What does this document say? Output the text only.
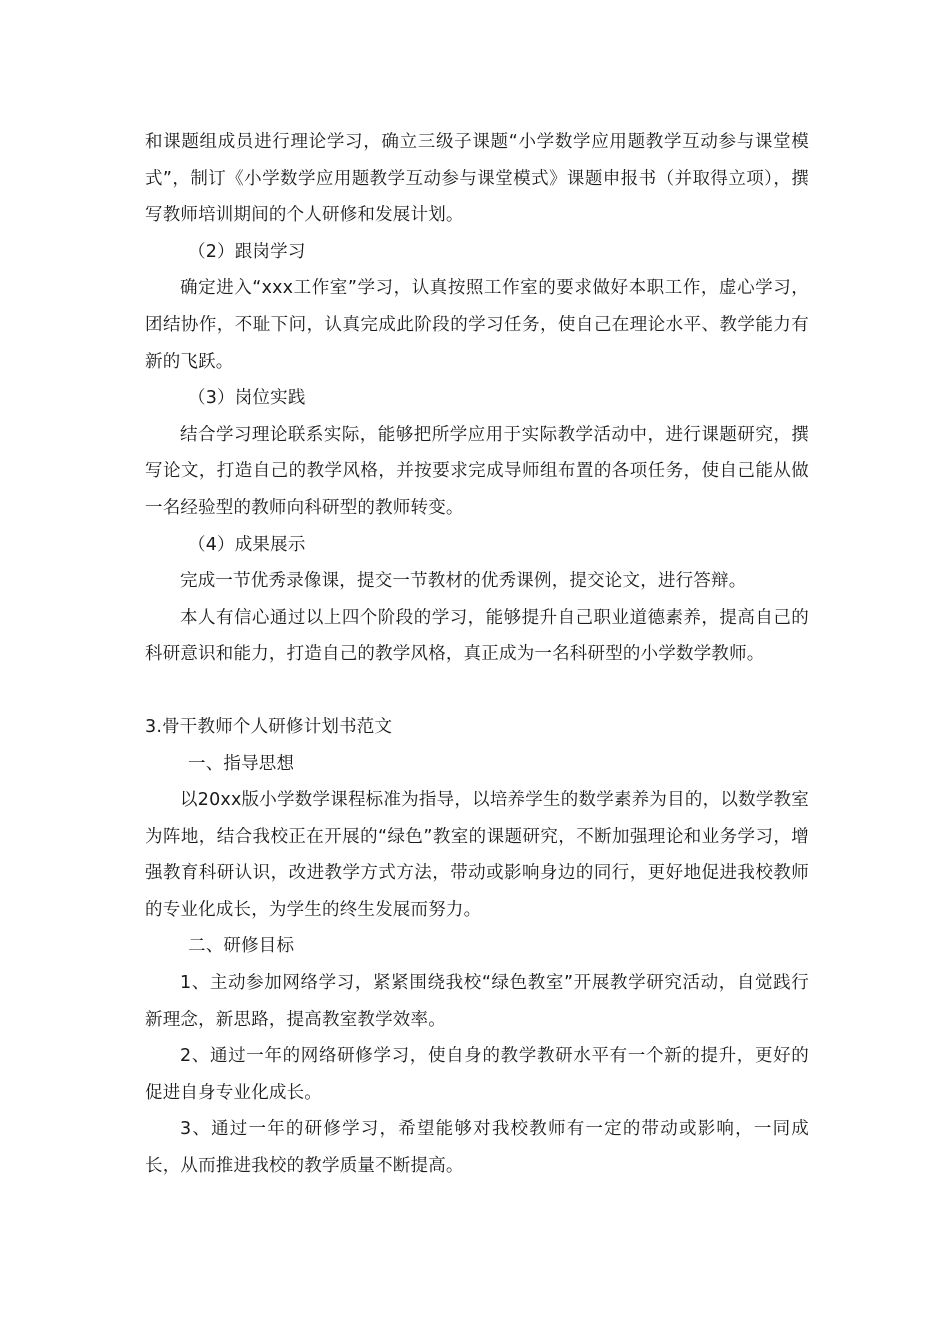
和课题组成员进行理论学习，确立三级子课题“小学数学应用题教学互动参与课堂模式”，制订《小学数学应用题教学互动参与课堂模式》课题申报书（并取得立项），撰写教师培训期间的个人研修和发展计划。

（2）跟岗学习

确定进入“xxx工作室”学习，认真按照工作室的要求做好本职工作，虚心学习，团结协作，不耻下问，认真完成此阶段的学习任务，使自己在理论水平、教学能力有新的飞跃。

（3）岗位实践

结合学习理论联系实际，能够把所学应用于实际教学活动中，进行课题研究，撰写论文，打造自己的教学风格，并按要求完成导师组布置的各项任务，使自己能从做一名经验型的教师向科研型的教师转变。

（4）成果展示

完成一节优秀录像课，提交一节教材的优秀课例，提交论文，进行答辩。

本人有信心通过以上四个阶段的学习，能够提升自己职业道德素养，提高自己的科研意识和能力，打造自己的教学风格，真正成为一名科研型的小学数学教师。

3.骨干教师个人研修计划书范文

一、指导思想

以20xx版小学数学课程标准为指导，以培养学生的数学素养为目的，以数学教室为阵地，结合我校正在开展的“绿色”教室的课题研究，不断加强理论和业务学习，增强教育科研认识，改进教学方式方法，带动或影响身边的同行，更好地促进我校教师的专业化成长，为学生的终生发展而努力。

二、研修目标

1、主动参加网络学习，紧紧围绕我校“绿色教室”开展教学研究活动，自觉践行新理念，新思路，提高教室教学效率。

2、通过一年的网络研修学习，使自身的教学教研水平有一个新的提升，更好的促进自身专业化成长。

3、通过一年的研修学习，希望能够对我校教师有一定的带动或影响，一同成长，从而推进我校的教学质量不断提高。
